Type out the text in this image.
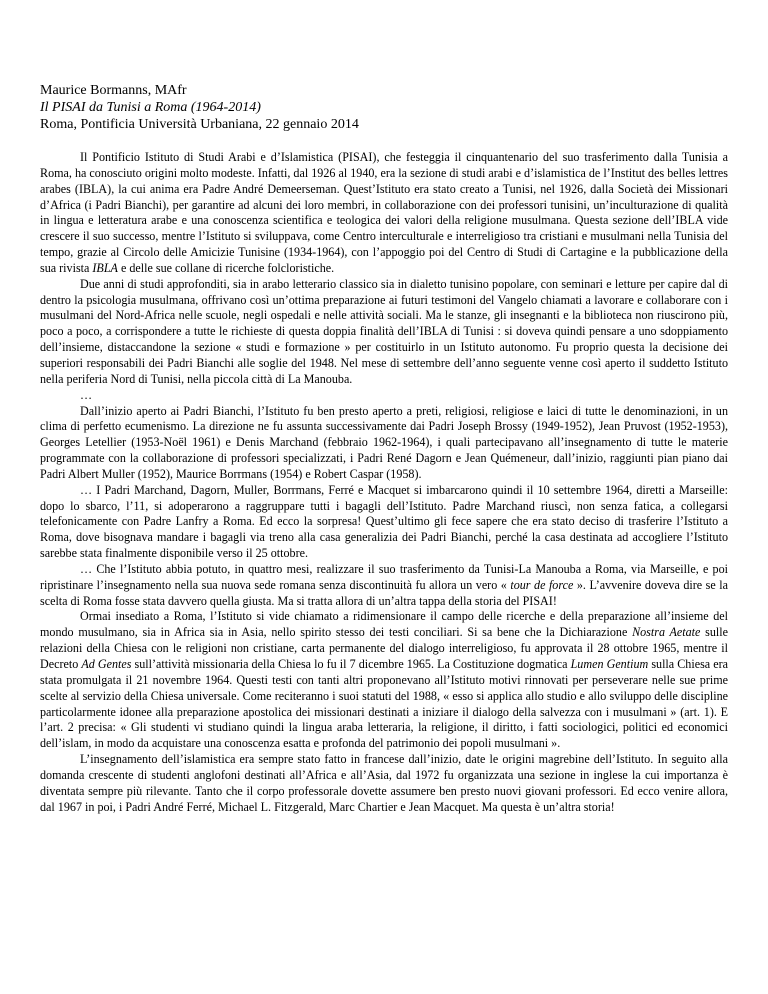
Maurice Bormanns, MAfr
Il PISAI da Tunisi a Roma (1964-2014)
Roma, Pontificia Università Urbaniana, 22 gennaio 2014

Il Pontificio Istituto di Studi Arabi e d’Islamistica (PISAI), che festeggia il cinquantenario del suo trasferimento dalla Tunisia a Roma, ha conosciuto origini molto modeste. Infatti, dal 1926 al 1940, era la sezione di studi arabi e d’islamistica de l’Institut des belles lettres arabes (IBLA), la cui anima era Padre André Demeerseman. Quest’Istituto era stato creato a Tunisi, nel 1926, dalla Società dei Missionari d’Africa (i Padri Bianchi), per garantire ad alcuni dei loro membri, in collaborazione con dei professori tunisini, un’inculturazione di qualità in lingua e letteratura arabe e una conoscenza scientifica e teologica dei valori della religione musulmana. Questa sezione dell’IBLA vide crescere il suo successo, mentre l’Istituto si sviluppava, come Centro interculturale e interreligioso tra cristiani e musulmani nella Tunisia del tempo, grazie al Circolo delle Amicizie Tunisine (1934-1964), con l’appoggio poi del Centro di Studi di Cartagine e la pubblicazione della sua rivista IBLA e delle sue collane di ricerche folcloristiche.

Due anni di studi approfonditi, sia in arabo letterario classico sia in dialetto tunisino popolare, con seminari e letture per capire dal di dentro la psicologia musulmana, offrivano così un’ottima preparazione ai futuri testimoni del Vangelo chiamati a lavorare e collaborare con i musulmani del Nord-Africa nelle scuole, negli ospedali e nelle attività sociali. Ma le stanze, gli insegnanti e la biblioteca non riuscirono più, poco a poco, a corrispondere a tutte le richieste di questa doppia finalità dell’IBLA di Tunisi : si doveva quindi pensare a uno sdoppiamento dell’insieme, distaccandone la sezione « studi e formazione » per costituirlo in un Istituto autonomo. Fu proprio questa la decisione dei superiori responsabili dei Padri Bianchi alle soglie del 1948. Nel mese di settembre dell’anno seguente venne così aperto il suddetto Istituto nella periferia Nord di Tunisi, nella piccola città di La Manouba.

…

Dall’inizio aperto ai Padri Bianchi, l’Istituto fu ben presto aperto a preti, religiosi, religiose e laici di tutte le denominazioni, in un clima di perfetto ecumenismo. La direzione ne fu assunta successivamente dai Padri Joseph Brossy (1949-1952), Jean Pruvost (1952-1953), Georges Letellier (1953-Noël 1961) e Denis Marchand (febbraio 1962-1964), i quali partecipavano all’insegnamento di tutte le materie programmate con la collaborazione di professori specializzati, i Padri René Dagorn e Jean Quémeneur, dall’inizio, raggiunti pian piano dai Padri Albert Muller (1952), Maurice Borrmans (1954) e Robert Caspar (1958).

… I Padri Marchand, Dagorn, Muller, Borrmans, Ferré e Macquet si imbarcarono quindi il 10 settembre 1964, diretti a Marseille: dopo lo sbarco, l’11, si adoperarono a raggruppare tutti i bagagli dell’Istituto. Padre Marchand riuscì, non senza fatica, a collegarsi telefonicamente con Padre Lanfry a Roma. Ed ecco la sorpresa! Quest’ultimo gli fece sapere che era stato deciso di trasferire l’Istituto a Roma, dove bisognava mandare i bagagli via treno alla casa generalizia dei Padri Bianchi, perché la casa destinata ad accogliere l’Istituto sarebbe stata finalmente disponibile verso il 25 ottobre.

… Che l’Istituto abbia potuto, in quattro mesi, realizzare il suo trasferimento da Tunisi-La Manouba a Roma, via Marseille, e poi ripristinare l’insegnamento nella sua nuova sede romana senza discontinuità fu allora un vero « tour de force ». L’avvenire doveva dire se la scelta di Roma fosse stata davvero quella giusta. Ma si tratta allora di un’altra tappa della storia del PISAI!

Ormai insediato a Roma, l’Istituto si vide chiamato a ridimensionare il campo delle ricerche e della preparazione all’insieme del mondo musulmano, sia in Africa sia in Asia, nello spirito stesso dei testi conciliari. Si sa bene che la Dichiarazione Nostra Aetate sulle relazioni della Chiesa con le religioni non cristiane, carta permanente del dialogo interreligioso, fu approvata il 28 ottobre 1965, mentre il Decreto Ad Gentes sull’attività missionaria della Chiesa lo fu il 7 dicembre 1965. La Costituzione dogmatica Lumen Gentium sulla Chiesa era stata promulgata il 21 novembre 1964. Questi testi con tanti altri proponevano all’Istituto motivi rinnovati per perseverare nelle sue prime scelte al servizio della Chiesa universale. Come reciteranno i suoi statuti del 1988, « esso si applica allo studio e allo sviluppo delle discipline particolarmente idonee alla preparazione apostolica dei missionari destinati a iniziare il dialogo della salvezza con i musulmani » (art. 1). E l’art. 2 precisa: « Gli studenti vi studiano quindi la lingua araba letteraria, la religione, il diritto, i fatti sociologici, politici ed economici dell’islam, in modo da acquistare una conoscenza esatta e profonda del patrimonio dei popoli musulmani ».

L’insegnamento dell’islamistica era sempre stato fatto in francese dall’inizio, date le origini magrebine dell’Istituto. In seguito alla domanda crescente di studenti anglofoni destinati all’Africa e all’Asia, dal 1972 fu organizzata una sezione in inglese la cui importanza è diventata sempre più rilevante. Tanto che il corpo professorale dovette assumere ben presto nuovi giovani professori. Ed ecco venire allora, dal 1967 in poi, i Padri André Ferré, Michael L. Fitzgerald, Marc Chartier e Jean Macquet. Ma questa è un’altra storia!
